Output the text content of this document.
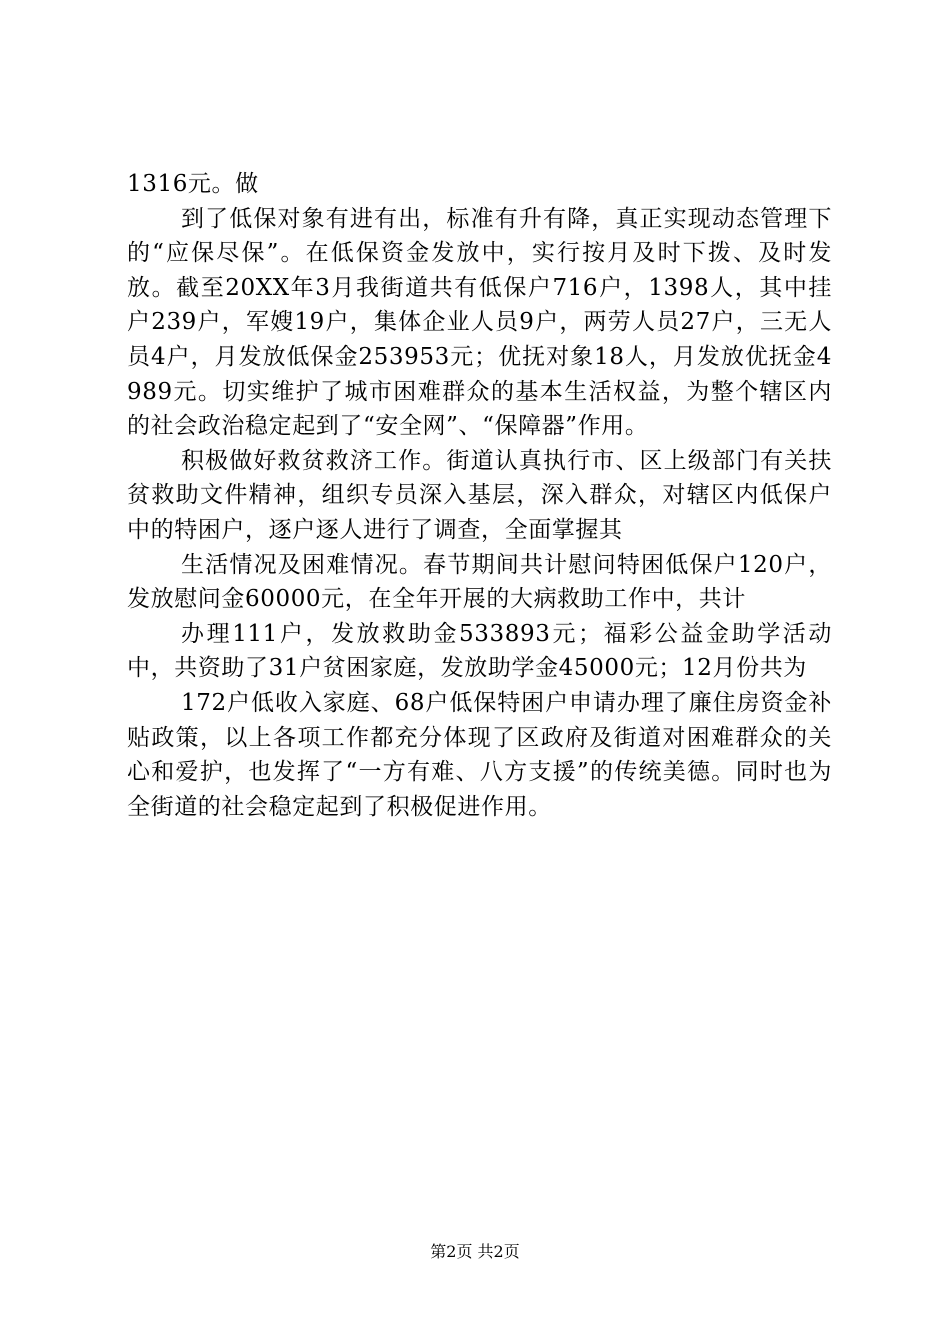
1316元。做

到了低保对象有进有出，标准有升有降，真正实现动态管理下的“应保尽保”。在低保资金发放中，实行按月及时下拨、及时发放。截至20XX年3月我街道共有低保户716户，1398人，其中挂户239户，军嫂19户，集体企业人员9户，两劳人员27户，三无人员4户，月发放低保金253953元；优抚对象18人，月发放优抚金4989元。切实维护了城市困难群众的基本生活权益，为整个辖区内的社会政治稳定起到了“安全网”、“保障器”作用。

积极做好救贫救济工作。街道认真执行市、区上级部门有关扶贫救助文件精神，组织专员深入基层，深入群众，对辖区内低保户中的特困户，逐户逐人进行了调查，全面掌握其

生活情况及困难情况。春节期间共计慰问特困低保户120户，发放慰问金60000元，在全年开展的大病救助工作中，共计

办理111户，发放救助金533893元；福彩公益金助学活动中，共资助了31户贫困家庭，发放助学金45000元；12月份共为

172户低收入家庭、68户低保特困户申请办理了廉住房资金补贴政策，以上各项工作都充分体现了区政府及街道对困难群众的关心和爱护，也发挥了“一方有难、八方支援”的传统美德。同时也为全街道的社会稳定起到了积极促进作用。

第2页 共2页
